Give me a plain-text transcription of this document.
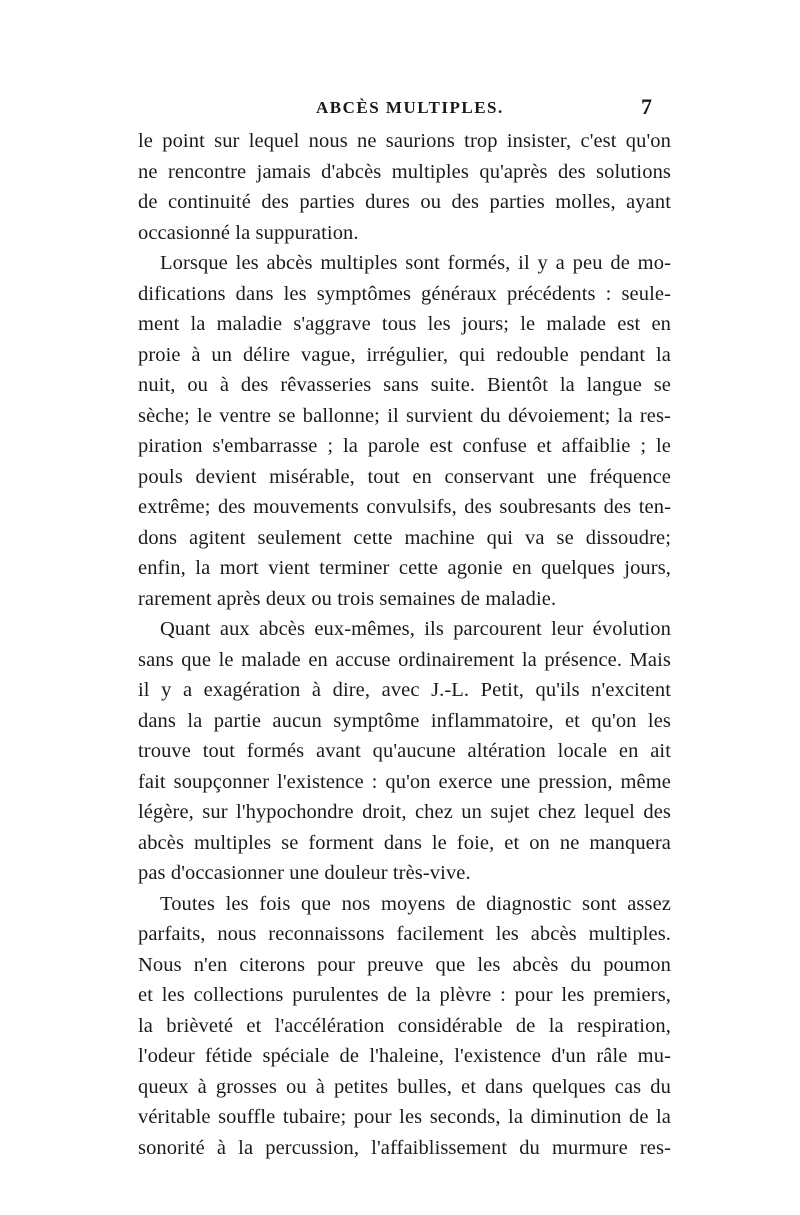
ABCÈS MULTIPLES.	7
le point sur lequel nous ne saurions trop insister, c'est qu'on
ne rencontre jamais d'abcès multiples qu'après des solutions
de continuité des parties dures ou des parties molles, ayant
occasionné la suppuration.
Lorsque les abcès multiples sont formés, il y a peu de mo-
difications dans les symptômes généraux précédents : seule-
ment la maladie s'aggrave tous les jours; le malade est en
proie à un délire vague, irrégulier, qui redouble pendant la
nuit, ou à des rêvasseries sans suite. Bientôt la langue se
sèche; le ventre se ballonne; il survient du dévoiement; la res-
piration s'embarrasse ; la parole est confuse et affaiblie ; le
pouls devient misérable, tout en conservant une fréquence
extrême; des mouvements convulsifs, des soubresants des ten-
dons agitent seulement cette machine qui va se dissoudre;
enfin, la mort vient terminer cette agonie en quelques jours,
rarement après deux ou trois semaines de maladie.
Quant aux abcès eux-mêmes, ils parcourent leur évolution
sans que le malade en accuse ordinairement la présence. Mais
il y a exagération à dire, avec J.-L. Petit, qu'ils n'excitent
dans la partie aucun symptôme inflammatoire, et qu'on les
trouve tout formés avant qu'aucune altération locale en ait
fait soupçonner l'existence : qu'on exerce une pression, même
légère, sur l'hypochondre droit, chez un sujet chez lequel des
abcès multiples se forment dans le foie, et on ne manquera
pas d'occasionner une douleur très-vive.
Toutes les fois que nos moyens de diagnostic sont assez
parfaits, nous reconnaissons facilement les abcès multiples.
Nous n'en citerons pour preuve que les abcès du poumon
et les collections purulentes de la plèvre : pour les premiers,
la brièveté et l'accélération considérable de la respiration,
l'odeur fétide spéciale de l'haleine, l'existence d'un râle mu-
queux à grosses ou à petites bulles, et dans quelques cas du
véritable souffle tubaire; pour les seconds, la diminution de la
sonorité à la percussion, l'affaiblissement du murmure res-
